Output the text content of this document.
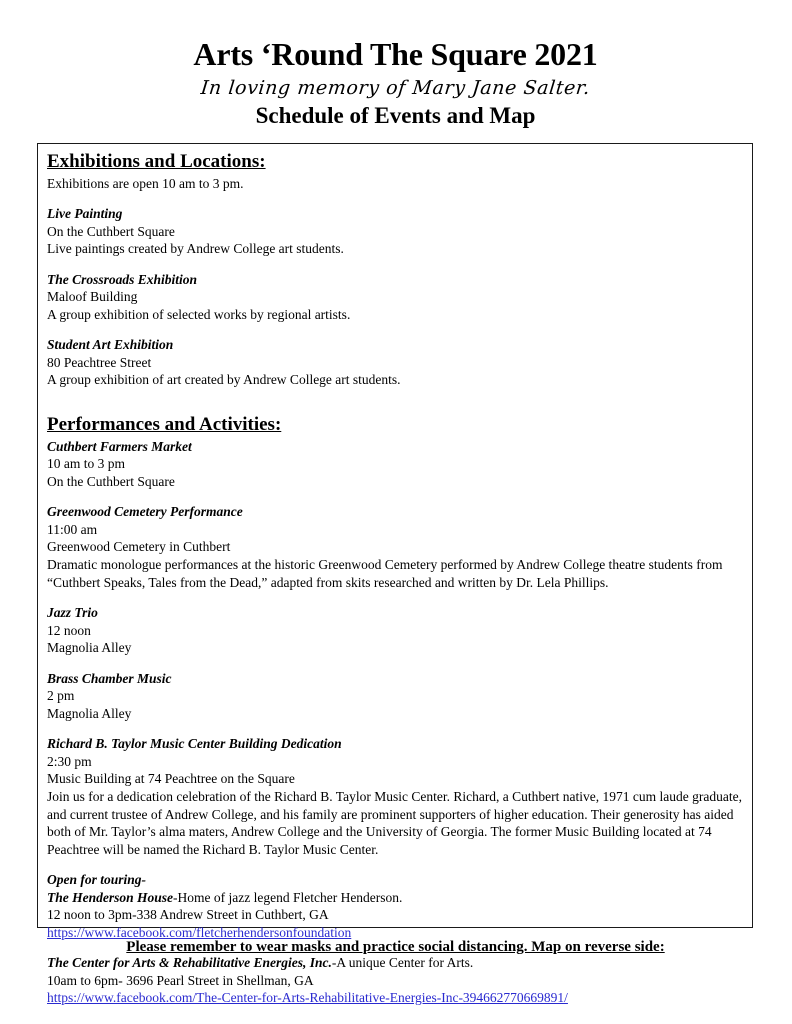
Arts ‘Round The Square 2021
In loving memory of Mary Jane Salter.
Schedule of Events and Map
Exhibitions and Locations:
Exhibitions are open 10 am to 3 pm.
Live Painting
On the Cuthbert Square
Live paintings created by Andrew College art students.
The Crossroads Exhibition
Maloof Building
A group exhibition of selected works by regional artists.
Student Art Exhibition
80 Peachtree Street
A group exhibition of art created by Andrew College art students.
Performances and Activities:
Cuthbert Farmers Market
10 am to 3 pm
On the Cuthbert Square
Greenwood Cemetery Performance
11:00 am
Greenwood Cemetery in Cuthbert
Dramatic monologue performances at the historic Greenwood Cemetery performed by Andrew College theatre students from “Cuthbert Speaks, Tales from the Dead,” adapted from skits researched and written by Dr. Lela Phillips.
Jazz Trio
12 noon
Magnolia Alley
Brass Chamber Music
2 pm
Magnolia Alley
Richard B. Taylor Music Center Building Dedication
2:30 pm
Music Building at 74 Peachtree on the Square
Join us for a dedication celebration of the Richard B. Taylor Music Center. Richard, a Cuthbert native, 1971 cum laude graduate, and current trustee of Andrew College, and his family are prominent supporters of higher education. Their generosity has aided both of Mr. Taylor’s alma maters, Andrew College and the University of Georgia. The former Music Building located at 74 Peachtree will be named the Richard B. Taylor Music Center.
Open for touring-
The Henderson House-Home of jazz legend Fletcher Henderson.
12 noon to 3pm-338 Andrew Street in Cuthbert, GA
https://www.facebook.com/fletcherhendersonfoundation
The Center for Arts & Rehabilitative Energies, Inc.-A unique Center for Arts.
10am to 6pm- 3696 Pearl Street in Shellman, GA
https://www.facebook.com/The-Center-for-Arts-Rehabilitative-Energies-Inc-394662770669891/
Please remember to wear masks and practice social distancing. Map on reverse side:
